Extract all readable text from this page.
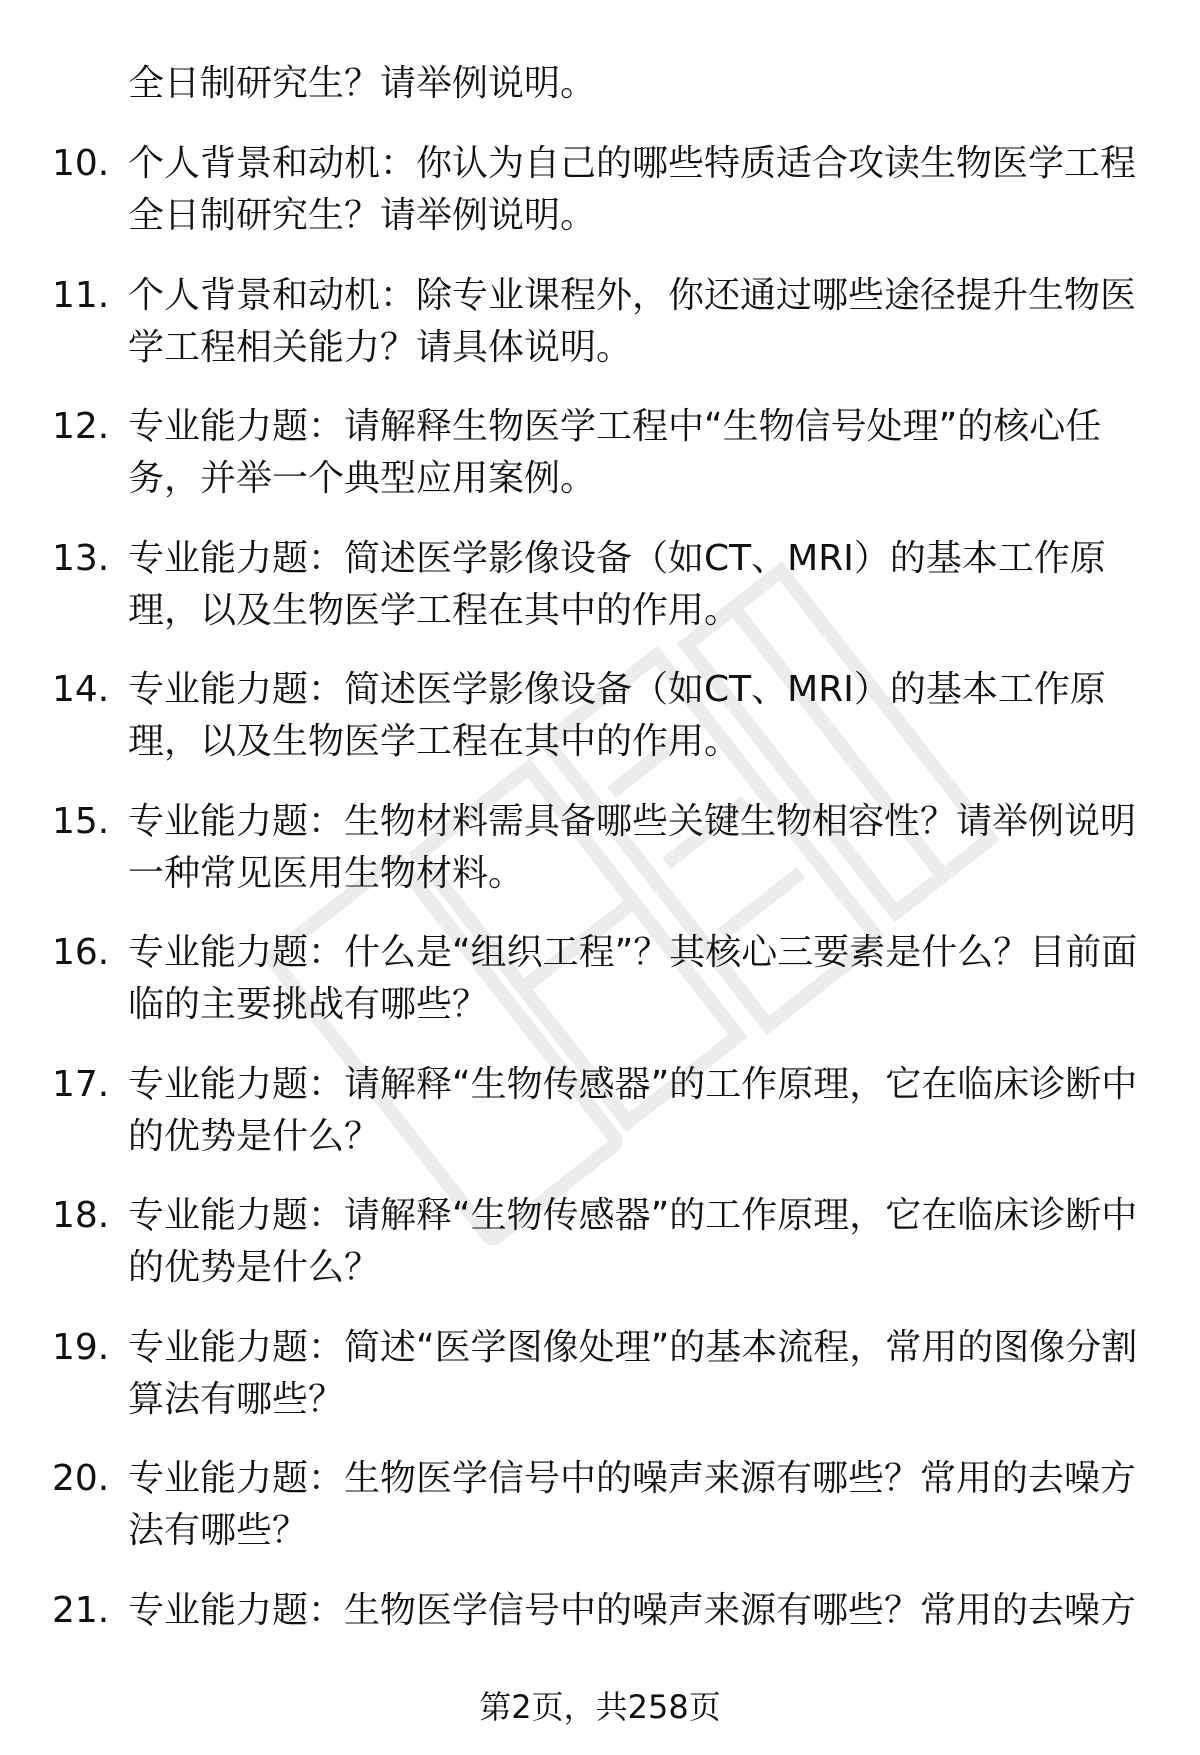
全日制研究生？请举例说明。

10. 个人背景和动机：你认为自己的哪些特质适合攻读生物医学工程全日制研究生？请举例说明。
11. 个人背景和动机：除专业课程外，你还通过哪些途径提升生物医学工程相关能力？请具体说明。
12. 专业能力题：请解释生物医学工程中“生物信号处理”的核心任务，并举一个典型应用案例。
13. 专业能力题：简述医学影像设备（如CT、MRI）的基本工作原理，以及生物医学工程在其中的作用。
14. 专业能力题：简述医学影像设备（如CT、MRI）的基本工作原理，以及生物医学工程在其中的作用。
15. 专业能力题：生物材料需具备哪些关键生物相容性？请举例说明一种常见医用生物材料。
16. 专业能力题：什么是“组织工程”？其核心三要素是什么？目前面临的主要挑战有哪些？
17. 专业能力题：请解释“生物传感器”的工作原理，它在临床诊断中的优势是什么？
18. 专业能力题：请解释“生物传感器”的工作原理，它在临床诊断中的优势是什么？
19. 专业能力题：简述“医学图像处理”的基本流程，常用的图像分割算法有哪些？
20. 专业能力题：生物医学信号中的噪声来源有哪些？常用的去噪方法有哪些？
21. 专业能力题：生物医学信号中的噪声来源有哪些？常用的去噪方
第2页，共258页
